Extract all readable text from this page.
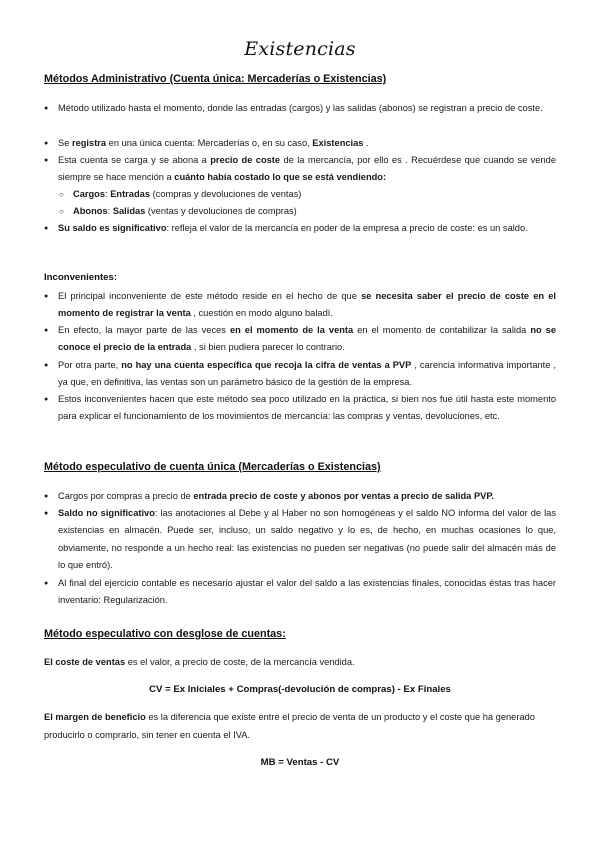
Existencias
Métodos Administrativo (Cuenta única: Mercaderías o Existencias)
● Método utilizado hasta el momento, donde las entradas (cargos) y las salidas (abonos) se registran a precio de coste.
● Se registra en una única cuenta: Mercaderías o, en su caso, Existencias .
● Esta cuenta se carga y se abona a precio de coste de la mercancía, por ello es . Recuérdese que cuando se vende siempre se hace mención a cuánto había costado lo que se está vendiendo:
○ Cargos: Entradas (compras y devoluciones de ventas)
○ Abonos: Salidas (ventas y devoluciones de compras)
● Su saldo es significativo: refleja el valor de la mercancía en poder de la empresa a precio de coste: es un saldo.
Inconvenientes:
● El principal inconveniente de este método reside en el hecho de que se necesita saber el precio de coste en el momento de registrar la venta , cuestión en modo alguno baladí.
● En efecto, la mayor parte de las veces en el momento de la venta en el momento de contabilizar la salida no se conoce el precio de la entrada , si bien pudiera parecer lo contrario.
● Por otra parte, no hay una cuenta específica que recoja la cifra de ventas a PVP , carencia informativa importante , ya que, en definitiva, las ventas son un parámetro básico de la gestión de la empresa.
● Estos inconvenientes hacen que este método sea poco utilizado en la práctica, si bien nos fue útil hasta este momento para explicar el funcionamiento de los movimientos de mercancía: las compras y ventas, devoluciones, etc.
Método especulativo de cuenta única (Mercaderías o Existencias)
● Cargos por compras a precio de entrada precio de coste y abonos por ventas a precio de salida PVP.
● Saldo no significativo: las anotaciones al Debe y al Haber no son homogéneas y el saldo NO informa del valor de las existencias en almacén. Puede ser, incluso, un saldo negativo y lo es, de hecho, en muchas ocasiones lo que, obviamente, no responde a un hecho real: las existencias no pueden ser negativas (no puede salir del almacén más de lo que entró).
● Al final del ejercicio contable es necesario ajustar el valor del saldo a las existencias finales, conocidas éstas tras hacer inventario: Regularización.
Método especulativo con desglose de cuentas:
El coste de ventas es el valor, a precio de coste, de la mercancía vendida.
CV = Ex Iniciales + Compras(-devolución de compras) - Ex Finales
El margen de beneficio es la diferencia que existe entre el precio de venta de un producto y el coste que ha generado producirlo o comprarlo, sin tener en cuenta el IVA.
MB = Ventas - CV
